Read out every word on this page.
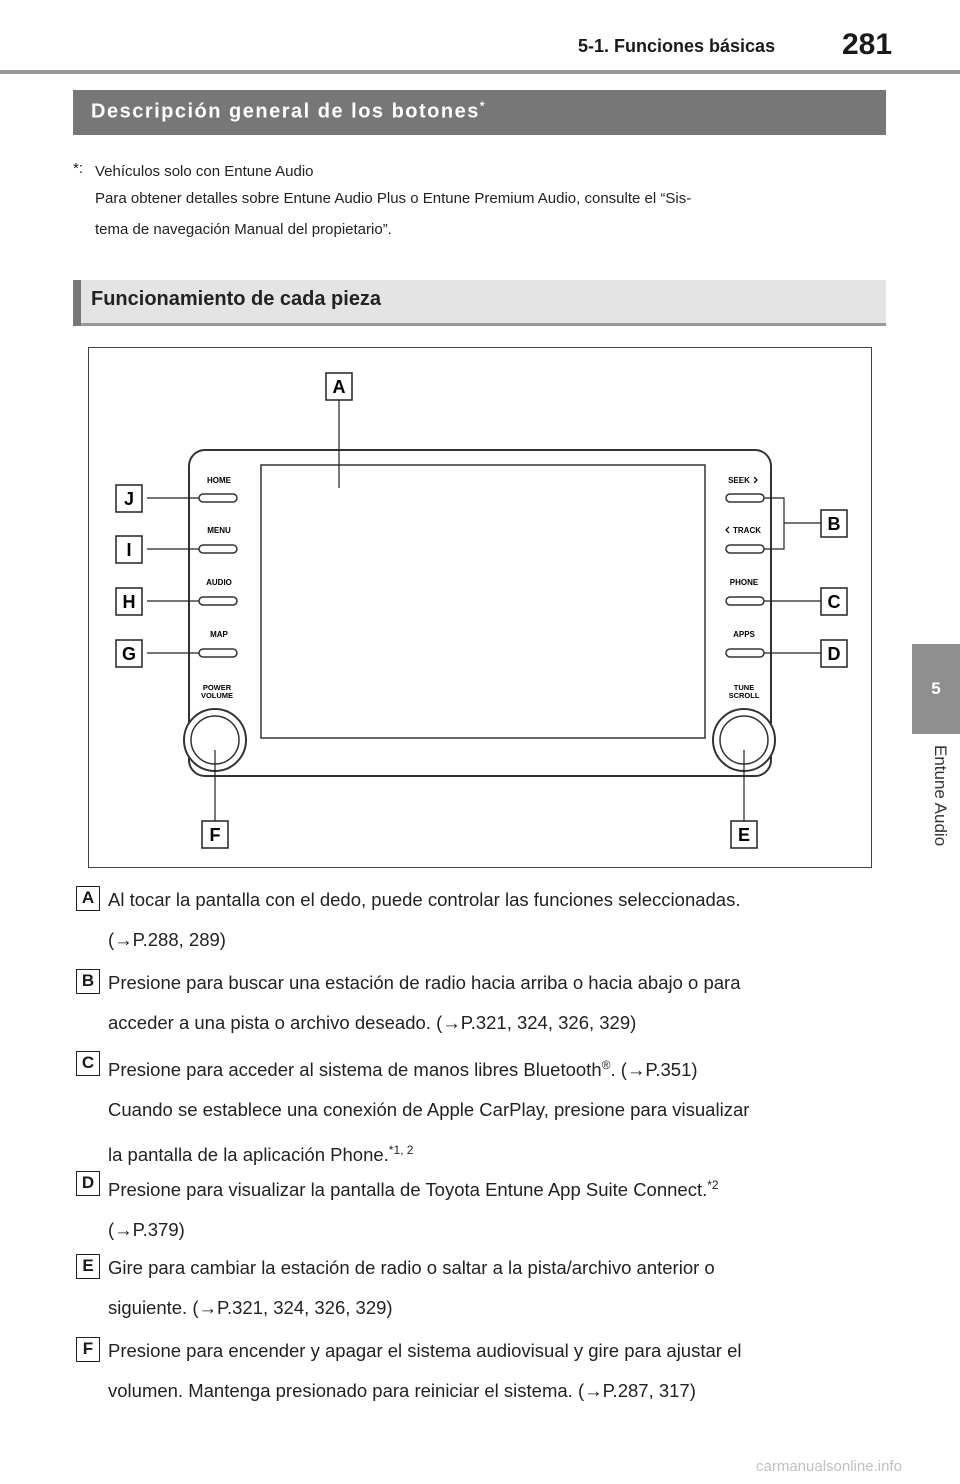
5-1. Funciones básicas 281
5
Entune Audio
Descripción general de los botones*
*: Vehículos solo con Entune Audio
Para obtener detalles sobre Entune Audio Plus o Entune Premium Audio, consulte el “Sis-
tema de navegación Manual del propietario”.
Funcionamiento de cada pieza
HOME
MENU
AUDIO
MAP
SEEK
TRACK
PHONE
APPS
POWER
VOLUME
TUNE
SCROLL
A
J
I
H
G
B
C
D
F	E
A Al tocar la pantalla con el dedo, puede controlar las funciones seleccionadas.
(→P.288, 289)
B Presione para buscar una estación de radio hacia arriba o hacia abajo o para
acceder a una pista o archivo deseado. (→P.321, 324, 326, 329)
C Presione para acceder al sistema de manos libres Bluetooth®. (→P.351)
Cuando se establece una conexión de Apple CarPlay, presione para visualizar
la pantalla de la aplicación Phone.$^{*1, 2}$
D Presione para visualizar la pantalla de Toyota Entune App Suite Connect.$^{*2}$
(→P.379)
E Gire para cambiar la estación de radio o saltar a la pista/archivo anterior o
siguiente. (→P.321, 324, 326, 329)
F Presione para encender y apagar el sistema audiovisual y gire para ajustar el
volumen. Mantenga presionado para reiniciar el sistema. (→P.287, 317)
carmanualsonline.info
